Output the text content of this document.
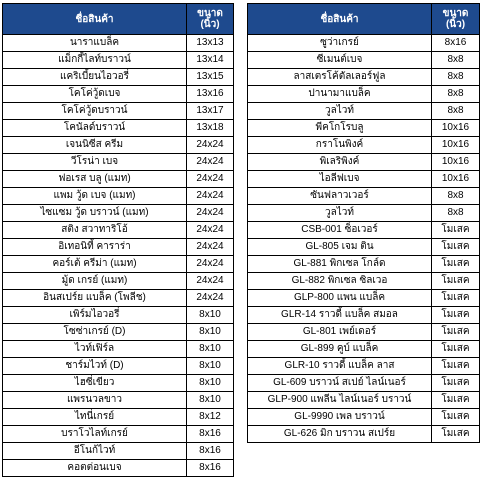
ชื่อสินค้า	ขนาด
(นิ้ว)

นาราแบล็ค	13x13
แม็กกี้ไลท์บราวน์	13x14
แคริเบี้ยนไอวอรี่	13x15
โคโค่วู้ดเบจ	13x16
โคโค่วู้ดบราวน์	13x17
โคนัลด์บราวน์	13x18
เจนนิซีส ครีม	24x24
วีโรน่า เบจ	24x24
ฟอเรส บลู (แมท)	24x24
แพม วู้ด เบจ (แมท)	24x24
ไซแซม วู้ด บราวน์ (แมท)	24x24
สติง สวาทาริโอ้	24x24
อิเทอนิที้ คาราร่า	24x24
คอร์เต้ ครีม่า (แมท)	24x24
มู้ด เกรย์ (แมท)	24x24
อินสเปร์ย แบล็ค (โพลีช)	24x24
เพิร์มไอวอรี่	8x10
โซซ่าเกรย์ (D)	8x10
ไวท์เฟิร์ล	8x10
ชาร์มไวท์ (D)	8x10
ไฮซี่เขียว	8x10
แพรนวลขาว	8x10
ไทนี่เกรย์	8x12
บราโวไลท์เกรย์	8x16
อีโนก้ไวท์	8x16
คอตต่อนเบจ	8x16
ชื่อสินค้า	ขนาด
(นิ้ว)

ซูว่าเกรย์	8x16
ซีเมนต์เบจ	8x8
ลาสเตรโค้ตัลเลอร์ฟูล	8x8
ปานามาแบล็ค	8x8
วูลไวท์	8x8
พีคโกโรบลู	10x16
กราโนพิงค์	10x16
พิเลริพิงค์	10x16
ไอลีฟเบจ	10x16
ซันฟลาวเวอร์	8x8
วูลไวท์	8x8
CSB-001 ซ็อเวอร์	โมเสค
GL-805 เจม ติน	โมเสค
GL-881 พิกเซล โกล์ด	โมเสค
GL-882 พิกเซล ซิลเวอ	โมเสค
GLP-800 แพน แบล็ค	โมเสค
GLR-14 ราวดี้ แบล็ค สมอล	โมเสค
GL-801 เพย์เดอร์	โมเสค
GL-899 คูบ์ แบล็ค	โมเสค
GLR-10 ราวดี้ แบล็ค ลาส	โมเสค
GL-609 บราวน์ สเปย์ ไลน์เนอร์	โมเสค
GLP-900 แพลีน ไลน์เนอร์ บราวน์	โมเสค
GL-9990 เพล บราวน์	โมเสค
GL-626 มิก บราวน สเปร์ย	โมเสค
